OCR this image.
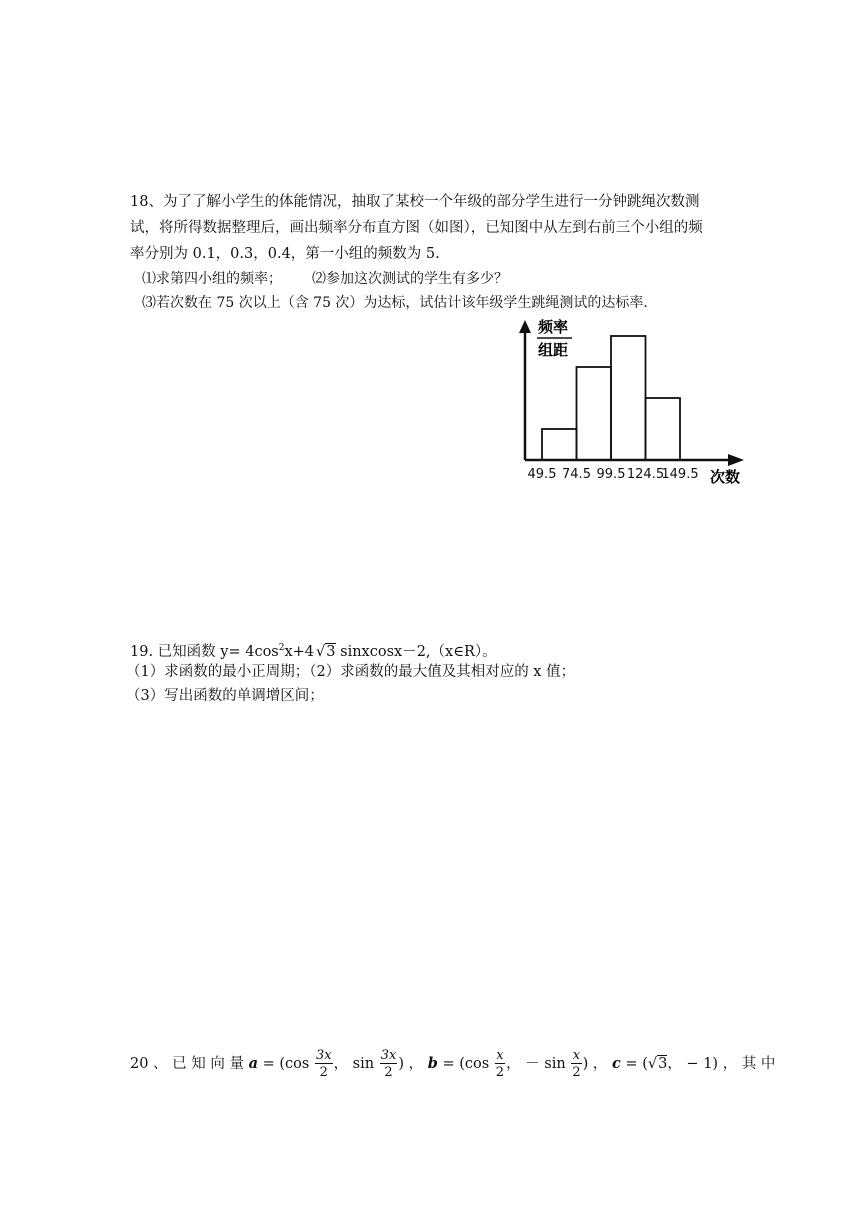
18、为了了解小学生的体能情况，抽取了某校一个年级的部分学生进行一分钟跳绳次数测
试，将所得数据整理后，画出频率分布直方图（如图），已知图中从左到右前三个小组的频
率分别为 0.1，0.3，0.4，第一小组的频数为 5.
⑴求第四小组的频率； ⑵参加这次测试的学生有多少？
⑶若次数在 75 次以上（含 75 次）为达标，试估计该年级学生跳绳测试的达标率.
频率
组距
49.5 74.5 99.5 124.5
149.5 次数
19. 已知函数 $y= 4\cos^2x+4$ √3 sinxcosx－2,（x∈R）。
（1）求函数的最小正周期；（2）求函数的最大值及其相对应的 x 值；
（3）写出函数的单调增区间；
20 、 已 知 向 量 $a = (\cos \frac{3x}{2}$ ， $\sin \frac{3x}{2}$ ) ， $b = (\cos \frac{x}{2}$ ， － $\sin \frac{x}{2}$ ) ， c = (√3， − 1) ， 其 中
